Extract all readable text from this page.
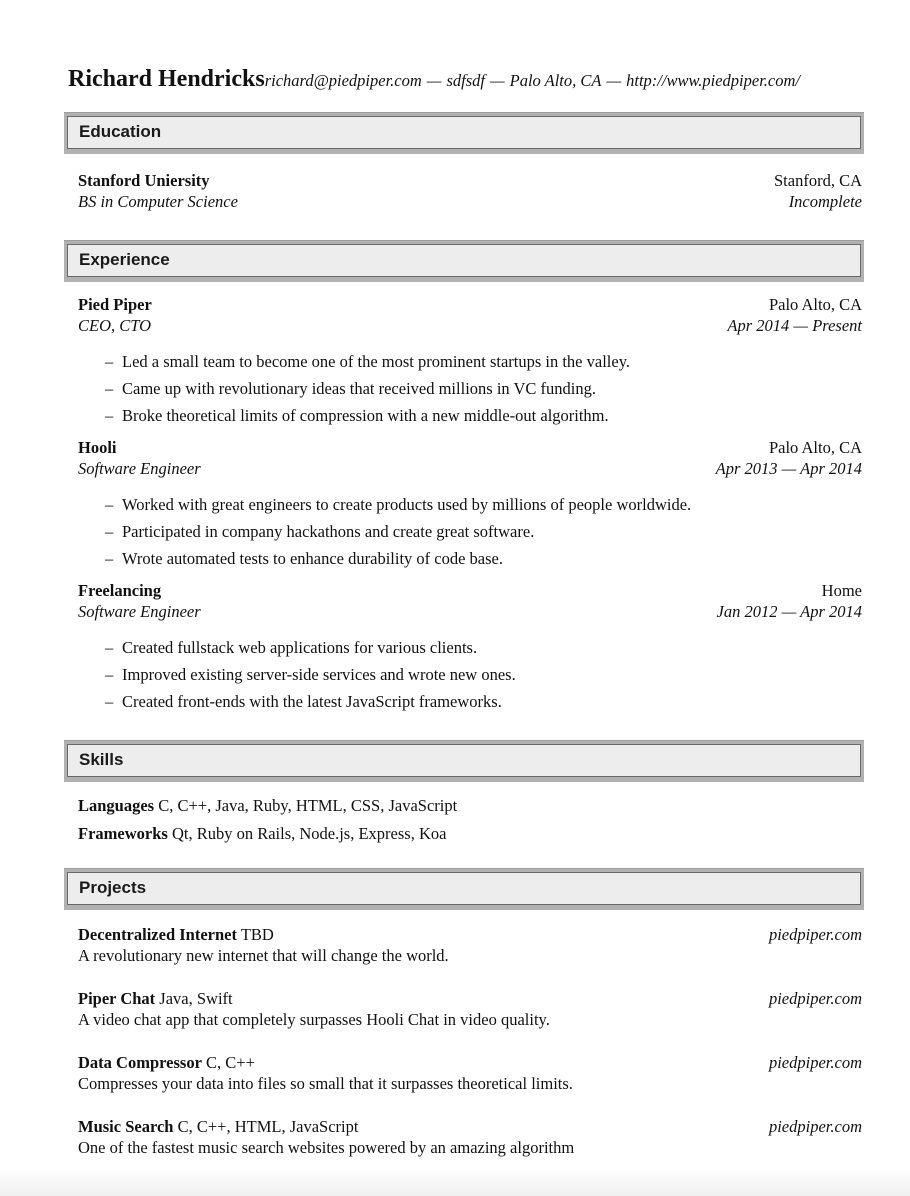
Richard Hendricksrichard@piedpiper.com — sdfsdf — Palo Alto, CA — http://www.piedpiper.com/
Education
Stanford Uniersity	Stanford, CA
BS in Computer Science	Incomplete
Experience
Pied Piper	Palo Alto, CA
CEO, CTO	Apr 2014 — Present
– Led a small team to become one of the most prominent startups in the valley.
– Came up with revolutionary ideas that received millions in VC funding.
– Broke theoretical limits of compression with a new middle-out algorithm.
Hooli	Palo Alto, CA
Software Engineer	Apr 2013 — Apr 2014
– Worked with great engineers to create products used by millions of people worldwide.
– Participated in company hackathons and create great software.
– Wrote automated tests to enhance durability of code base.
Freelancing	Home
Software Engineer	Jan 2012 — Apr 2014
– Created fullstack web applications for various clients.
– Improved existing server-side services and wrote new ones.
– Created front-ends with the latest JavaScript frameworks.
Skills
Languages C, C++, Java, Ruby, HTML, CSS, JavaScript
Frameworks Qt, Ruby on Rails, Node.js, Express, Koa
Projects
Decentralized Internet TBD	piedpiper.com
A revolutionary new internet that will change the world.
Piper Chat Java, Swift	piedpiper.com
A video chat app that completely surpasses Hooli Chat in video quality.
Data Compressor C, C++	piedpiper.com
Compresses your data into files so small that it surpasses theoretical limits.
Music Search C, C++, HTML, JavaScript	piedpiper.com
One of the fastest music search websites powered by an amazing algorithm
